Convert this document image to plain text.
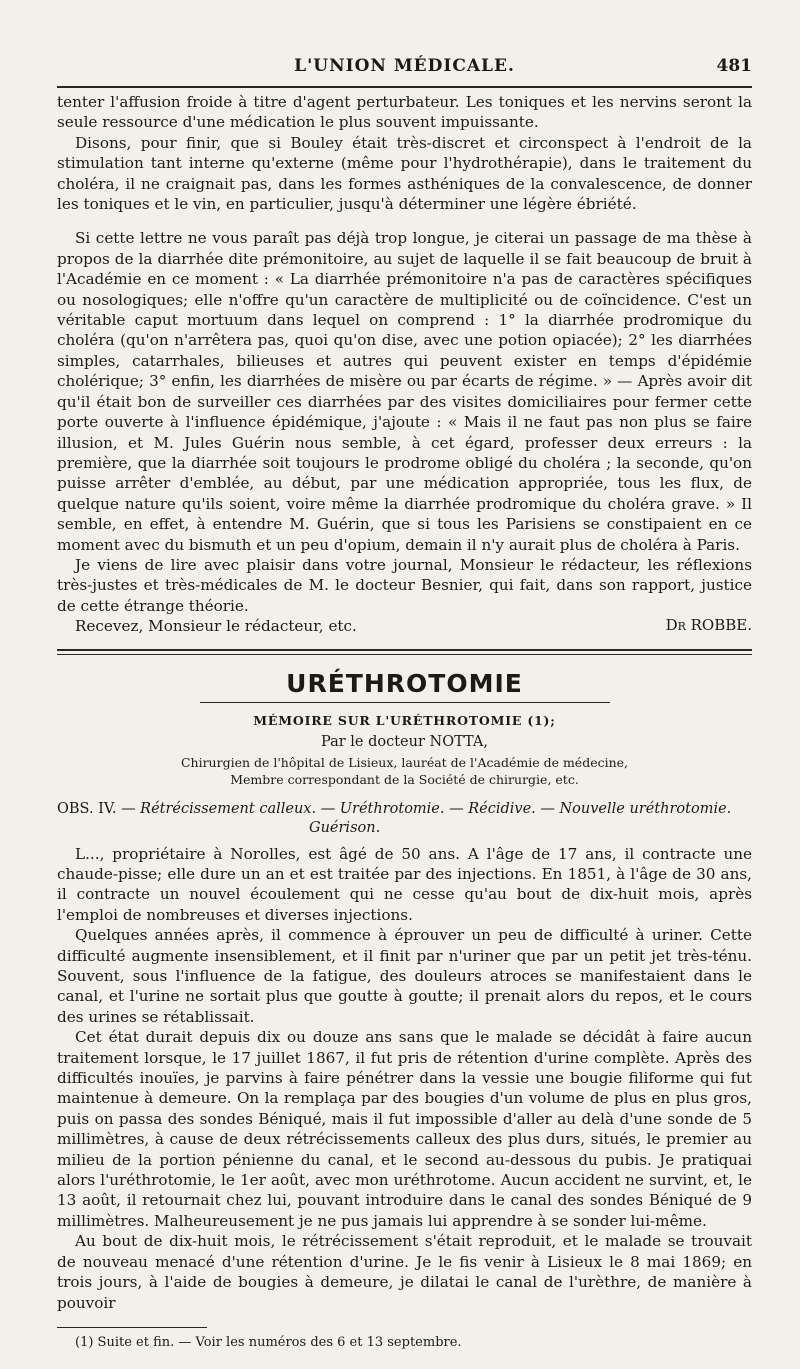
L'UNION MÉDICALE.	481

tenter l'affusion froide à titre d'agent perturbateur. Les toniques et les nervins seront la seule ressource d'une médication le plus souvent impuissante.

Disons, pour finir, que si Bouley était très-discret et circonspect à l'endroit de la stimulation tant interne qu'externe (même pour l'hydrothérapie), dans le traitement du choléra, il ne craignait pas, dans les formes asthéniques de la convalescence, de donner les toniques et le vin, en particulier, jusqu'à déterminer une légère ébriété.

Si cette lettre ne vous paraît pas déjà trop longue, je citerai un passage de ma thèse à propos de la diarrhée dite prémonitoire, au sujet de laquelle il se fait beaucoup de bruit à l'Académie en ce moment : « La diarrhée prémonitoire n'a pas de caractères spécifiques ou nosologiques; elle n'offre qu'un caractère de multiplicité ou de coïncidence. C'est un véritable caput mortuum dans lequel on comprend : 1° la diarrhée prodromique du choléra (qu'on n'arrêtera pas, quoi qu'on dise, avec une potion opiacée); 2° les diarrhées simples, catarrhales, bilieuses et autres qui peuvent exister en temps d'épidémie cholérique; 3° enfin, les diarrhées de misère ou par écarts de régime. » — Après avoir dit qu'il était bon de surveiller ces diarrhées par des visites domiciliaires pour fermer cette porte ouverte à l'influence épidémique, j'ajoute : « Mais il ne faut pas non plus se faire illusion, et M. Jules Guérin nous semble, à cet égard, professer deux erreurs : la première, que la diarrhée soit toujours le prodrome obligé du choléra ; la seconde, qu'on puisse arrêter d'emblée, au début, par une médication appropriée, tous les flux, de quelque nature qu'ils soient, voire même la diarrhée prodromique du choléra grave. » Il semble, en effet, à entendre M. Guérin, que si tous les Parisiens se constipaient en ce moment avec du bismuth et un peu d'opium, demain il n'y aurait plus de choléra à Paris.

Je viens de lire avec plaisir dans votre journal, Monsieur le rédacteur, les réflexions très-justes et très-médicales de M. le docteur Besnier, qui fait, dans son rapport, justice de cette étrange théorie.

Recevez, Monsieur le rédacteur, etc.	Dr ROBBE.
URÉTHROTOMIE
MÉMOIRE SUR L'URÉTHROTOMIE (1);
Par le docteur NOTTA,
Chirurgien de l'hôpital de Lisieux, lauréat de l'Académie de médecine,
Membre correspondant de la Société de chirurgie, etc.
OBS. IV. — Rétrécissement calleux. — Uréthrotomie. — Récidive. — Nouvelle uréthrotomie.
Guérison.

L..., propriétaire à Norolles, est âgé de 50 ans. A l'âge de 17 ans, il contracte une chaude-pisse; elle dure un an et est traitée par des injections. En 1851, à l'âge de 30 ans, il contracte un nouvel écoulement qui ne cesse qu'au bout de dix-huit mois, après l'emploi de nombreuses et diverses injections.

Quelques années après, il commence à éprouver un peu de difficulté à uriner. Cette difficulté augmente insensiblement, et il finit par n'uriner que par un petit jet très-ténu. Souvent, sous l'influence de la fatigue, des douleurs atroces se manifestaient dans le canal, et l'urine ne sortait plus que goutte à goutte; il prenait alors du repos, et le cours des urines se rétablissait.

Cet état durait depuis dix ou douze ans sans que le malade se décidât à faire aucun traitement lorsque, le 17 juillet 1867, il fut pris de rétention d'urine complète. Après des difficultés inouïes, je parvins à faire pénétrer dans la vessie une bougie filiforme qui fut maintenue à demeure. On la remplaça par des bougies d'un volume de plus en plus gros, puis on passa des sondes Béniqué, mais il fut impossible d'aller au delà d'une sonde de 5 millimètres, à cause de deux rétrécissements calleux des plus durs, situés, le premier au milieu de la portion pénienne du canal, et le second au-dessous du pubis. Je pratiquai alors l'uréthrotomie, le 1er août, avec mon uréthrotome. Aucun accident ne survint, et, le 13 août, il retournait chez lui, pouvant introduire dans le canal des sondes Béniqué de 9 millimètres. Malheureusement je ne pus jamais lui apprendre à se sonder lui-même.

Au bout de dix-huit mois, le rétrécissement s'était reproduit, et le malade se trouvait de nouveau menacé d'une rétention d'urine. Je le fis venir à Lisieux le 8 mai 1869; en trois jours, à l'aide de bougies à demeure, je dilatai le canal de l'urèthre, de manière à pouvoir

(1) Suite et fin. — Voir les numéros des 6 et 13 septembre.
